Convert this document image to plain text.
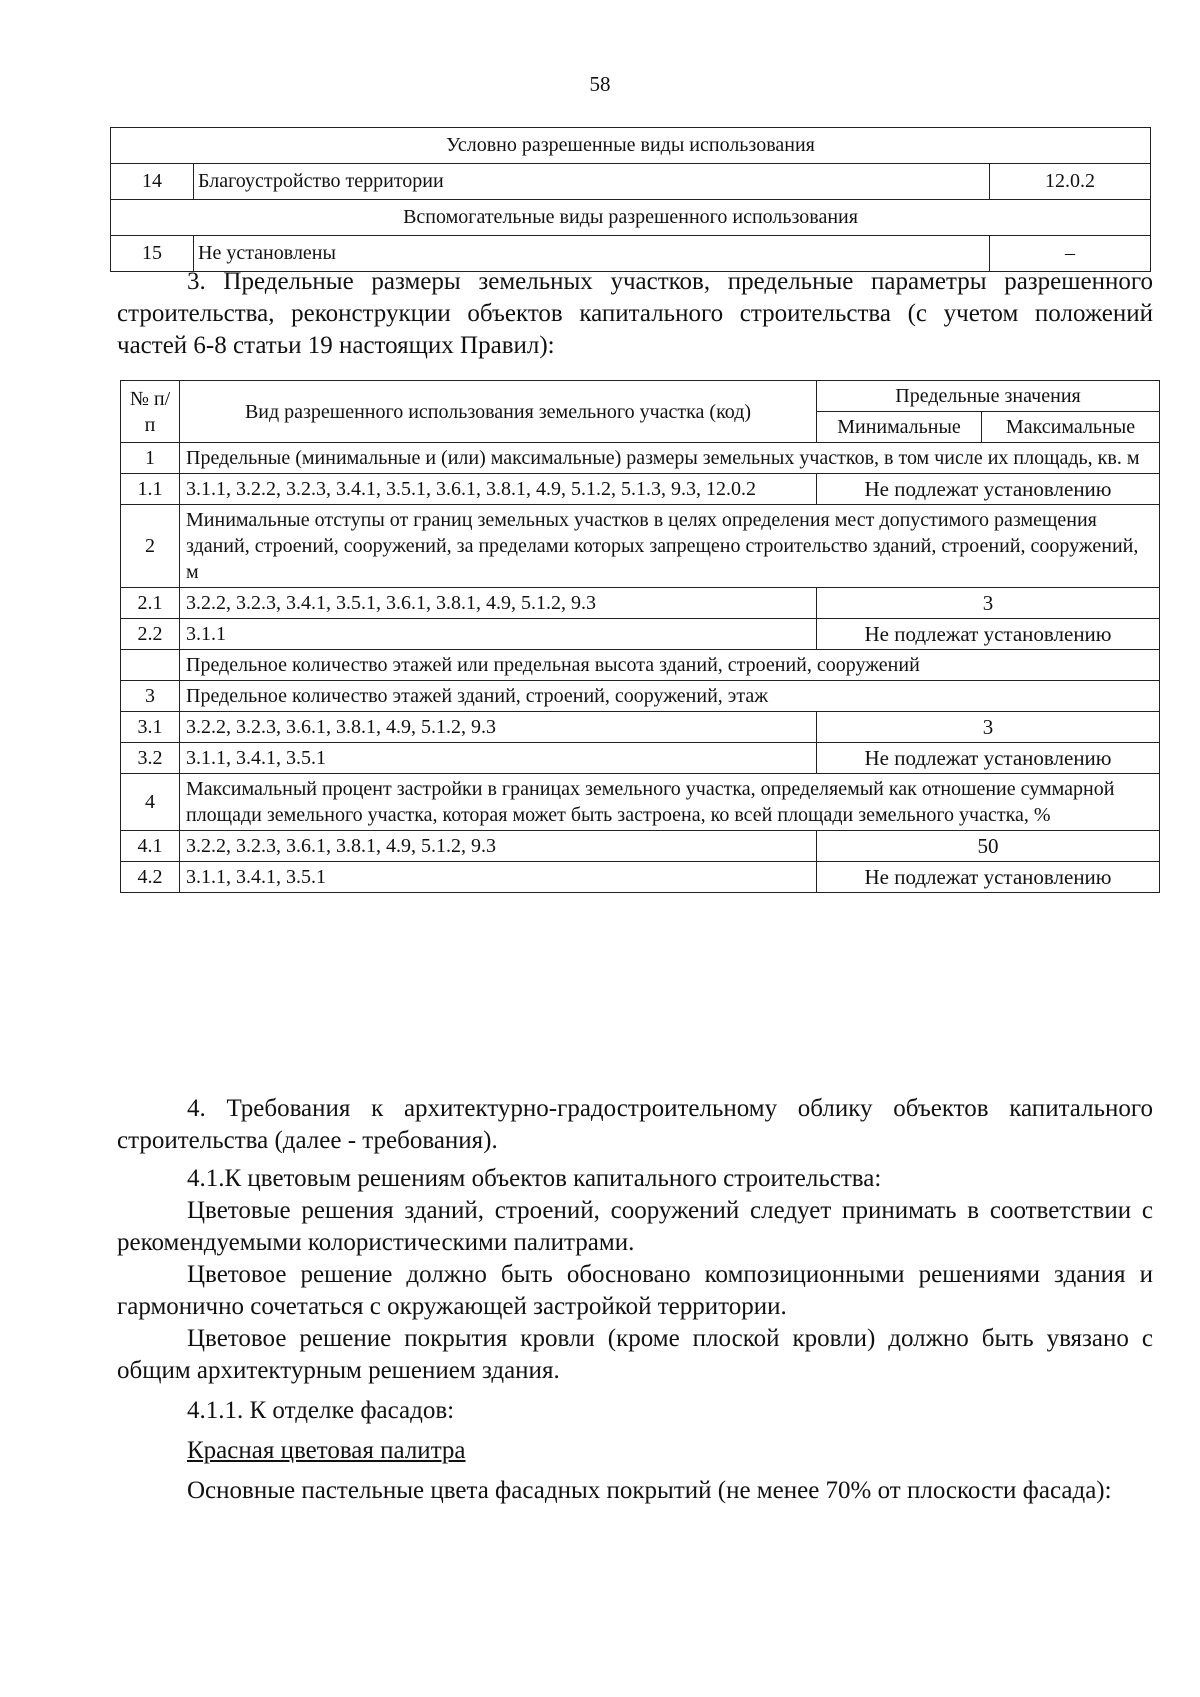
58
Условно разрешенные виды использования		
14	Благоустройство территории	12.0.2
Вспомогательные виды разрешенного использования		
15	Не установлены	–
3. Предельные размеры земельных участков, предельные параметры разрешенного строительства, реконструкции объектов капитального строительства (с учетом положений частей 6-8 статьи 19 настоящих Правил):
№ п/п	Вид разрешенного использования земельного участка (код)	Предельные значения	
		Минимальные	Максимальные
1	Предельные (минимальные и (или) максимальные) размеры земельных участков, в том числе их площадь, кв. м		
1.1	3.1.1, 3.2.2, 3.2.3, 3.4.1, 3.5.1, 3.6.1, 3.8.1, 4.9, 5.1.2, 5.1.3, 9.3, 12.0.2	Не подлежат установлению	
2	Минимальные отступы от границ земельных участков в целях определения мест допустимого размещения зданий, строений, сооружений, за пределами которых запрещено строительство зданий, строений, сооружений, м		
2.1	3.2.2, 3.2.3, 3.4.1, 3.5.1, 3.6.1, 3.8.1, 4.9, 5.1.2, 9.3	3	
2.2	3.1.1	Не подлежат установлению	
	Предельное количество этажей или предельная высота зданий, строений, сооружений		
3	Предельное количество этажей зданий, строений, сооружений, этаж		
3.1	3.2.2, 3.2.3, 3.6.1, 3.8.1, 4.9, 5.1.2, 9.3	3	
3.2	3.1.1, 3.4.1, 3.5.1	Не подлежат установлению	
4	Максимальный процент застройки в границах земельного участка, определяемый как отношение суммарной площади земельного участка, которая может быть застроена, ко всей площади земельного участка, %		
4.1	3.2.2, 3.2.3, 3.6.1, 3.8.1, 4.9, 5.1.2, 9.3	50	
4.2	3.1.1, 3.4.1, 3.5.1	Не подлежат установлению	

4. Требования к архитектурно-градостроительному облику объектов капитального строительства (далее - требования).

4.1.К цветовым решениям объектов капитального строительства:

Цветовые решения зданий, строений, сооружений следует принимать в соответствии с рекомендуемыми колористическими палитрами.

Цветовое решение должно быть обосновано композиционными решениями здания и гармонично сочетаться с окружающей застройкой территории.

Цветовое решение покрытия кровли (кроме плоской кровли) должно быть увязано с общим архитектурным решением здания.

4.1.1. К отделке фасадов:

Красная цветовая палитра

Основные пастельные цвета фасадных покрытий (не менее 70% от плоскости фасада):
